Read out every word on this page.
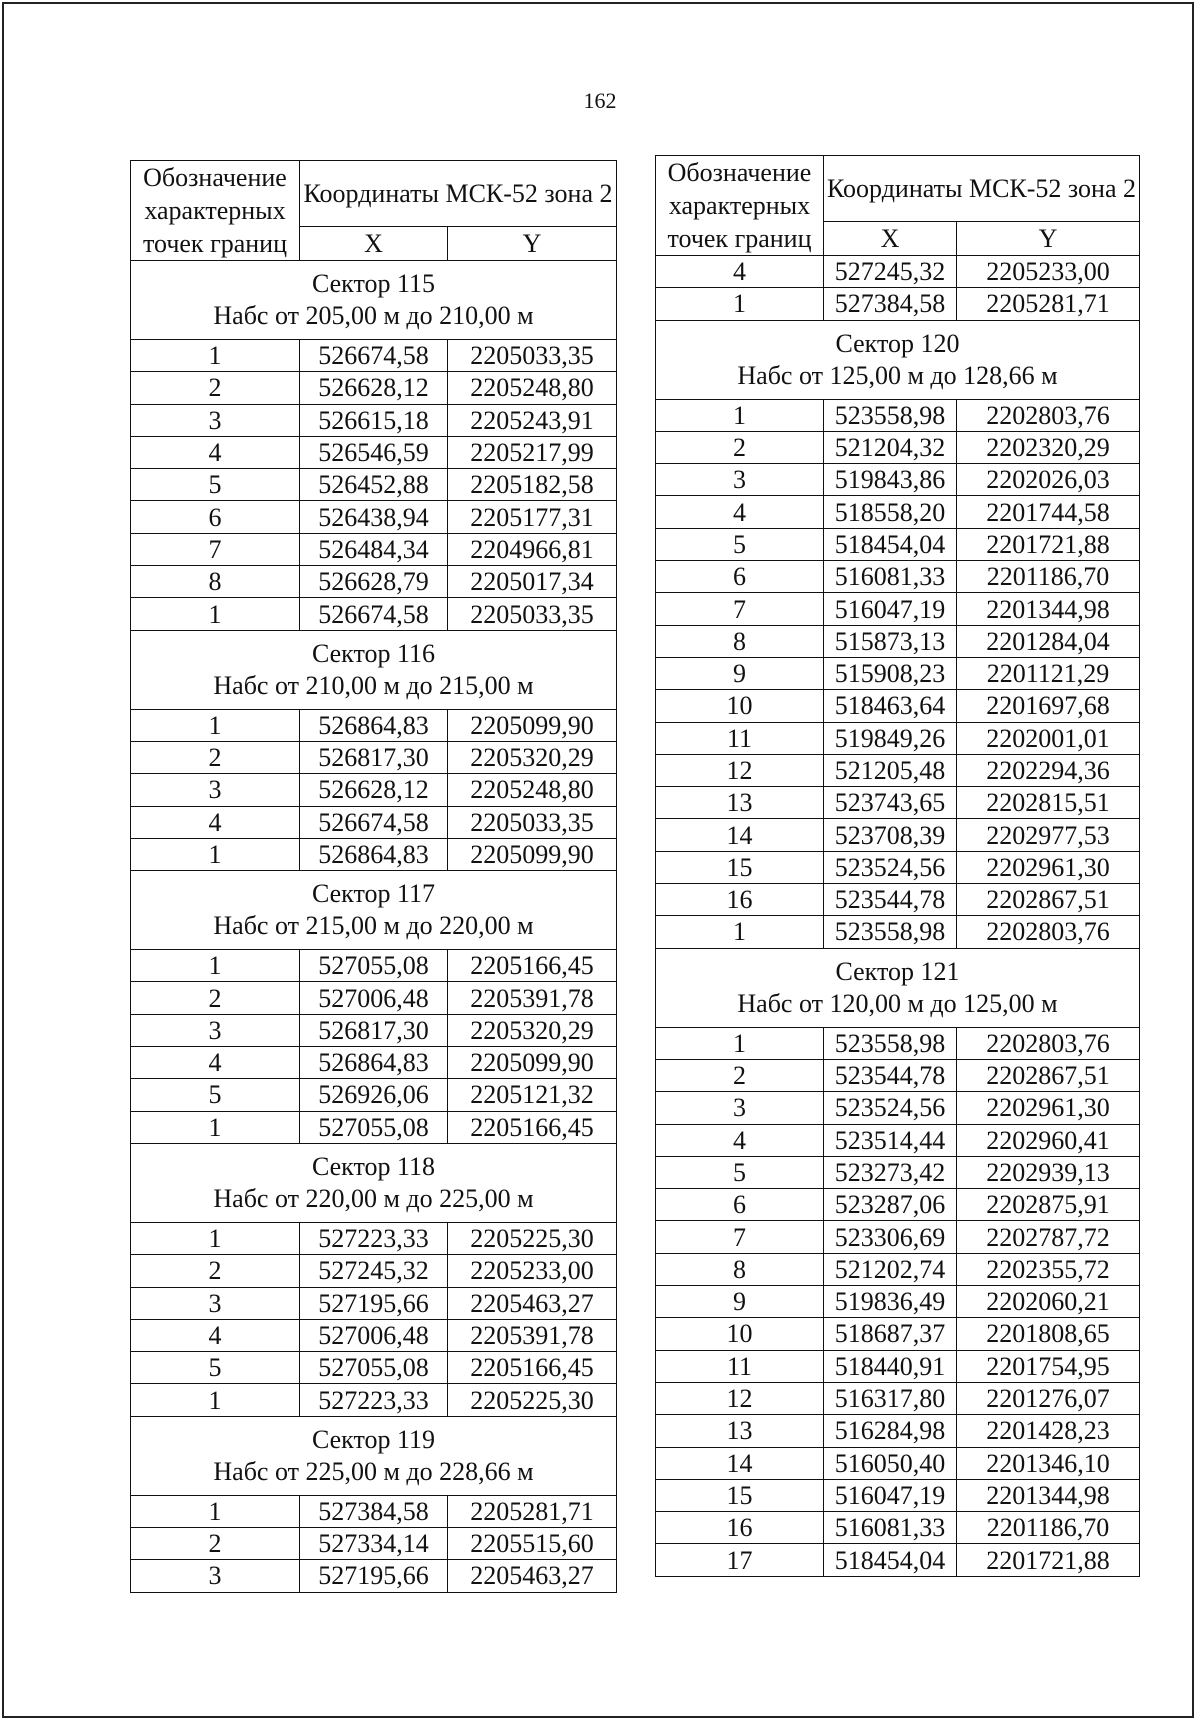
162
Обозначение характерных точек границ	Координаты МСК-52 зона 2	
	X	Y

Сектор 115
Набс от 205,00 м до 210,00 м		

1	526674,58	2205033,35
2	526628,12	2205248,80
3	526615,18	2205243,91
4	526546,59	2205217,99
5	526452,88	2205182,58
6	526438,94	2205177,31
7	526484,34	2204966,81
8	526628,79	2205017,34
1	526674,58	2205033,35

Сектор 116
Набс от 210,00 м до 215,00 м		

1	526864,83	2205099,90
2	526817,30	2205320,29
3	526628,12	2205248,80
4	526674,58	2205033,35
1	526864,83	2205099,90

Сектор 117
Набс от 215,00 м до 220,00 м		

1	527055,08	2205166,45
2	527006,48	2205391,78
3	526817,30	2205320,29
4	526864,83	2205099,90
5	526926,06	2205121,32
1	527055,08	2205166,45

Сектор 118
Набс от 220,00 м до 225,00 м		

1	527223,33	2205225,30
2	527245,32	2205233,00
3	527195,66	2205463,27
4	527006,48	2205391,78
5	527055,08	2205166,45
1	527223,33	2205225,30

Сектор 119
Набс от 225,00 м до 228,66 м		

1	527384,58	2205281,71
2	527334,14	2205515,60
3	527195,66	2205463,27
Обозначение характерных точек границ	Координаты МСК-52 зона 2	
	X	Y
4	527245,32	2205233,00
1	527384,58	2205281,71

Сектор 120
Набс от 125,00 м до 128,66 м		

1	523558,98	2202803,76
2	521204,32	2202320,29
3	519843,86	2202026,03
4	518558,20	2201744,58
5	518454,04	2201721,88
6	516081,33	2201186,70
7	516047,19	2201344,98
8	515873,13	2201284,04
9	515908,23	2201121,29
10	518463,64	2201697,68
11	519849,26	2202001,01
12	521205,48	2202294,36
13	523743,65	2202815,51
14	523708,39	2202977,53
15	523524,56	2202961,30
16	523544,78	2202867,51
1	523558,98	2202803,76

Сектор 121
Набс от 120,00 м до 125,00 м		

1	523558,98	2202803,76
2	523544,78	2202867,51
3	523524,56	2202961,30
4	523514,44	2202960,41
5	523273,42	2202939,13
6	523287,06	2202875,91
7	523306,69	2202787,72
8	521202,74	2202355,72
9	519836,49	2202060,21
10	518687,37	2201808,65
11	518440,91	2201754,95
12	516317,80	2201276,07
13	516284,98	2201428,23
14	516050,40	2201346,10
15	516047,19	2201344,98
16	516081,33	2201186,70
17	518454,04	2201721,88
